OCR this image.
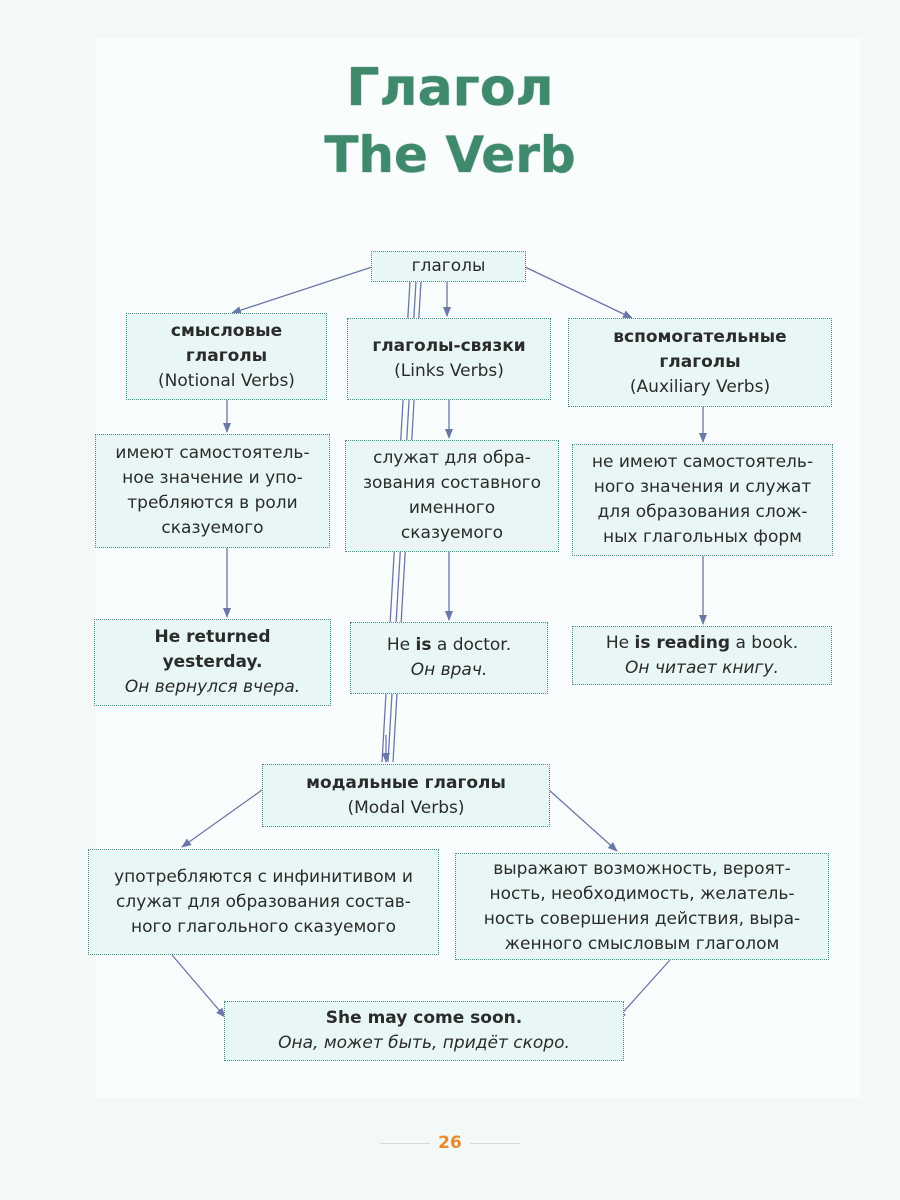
Глагол
The Verb
глаголы
смысловые
глаголы
(Notional Verbs)
глаголы-связки
(Links Verbs)
вспомогательные
глаголы
(Auxiliary Verbs)
имеют самостоятель-
ное значение и упо-
требляются в роли
сказуемого
служат для обра-
зования составного
именного
сказуемого
не имеют самостоятель-
ного значения и служат
для образования слож-
ных глагольных форм
He returned
yesterday.
Он вернулся вчера.
He is a doctor.
Он врач.
He is reading a book.
Он читает книгу.
модальные глаголы
(Modal Verbs)
употребляются с инфинитивом и
служат для образования состав-
ного глагольного сказуемого
выражают возможность, вероят-
ность, необходимость, желатель-
ность совершения действия, выра-
женного смысловым глаголом
She may come soon.
Она, может быть, придёт скоро.
26
